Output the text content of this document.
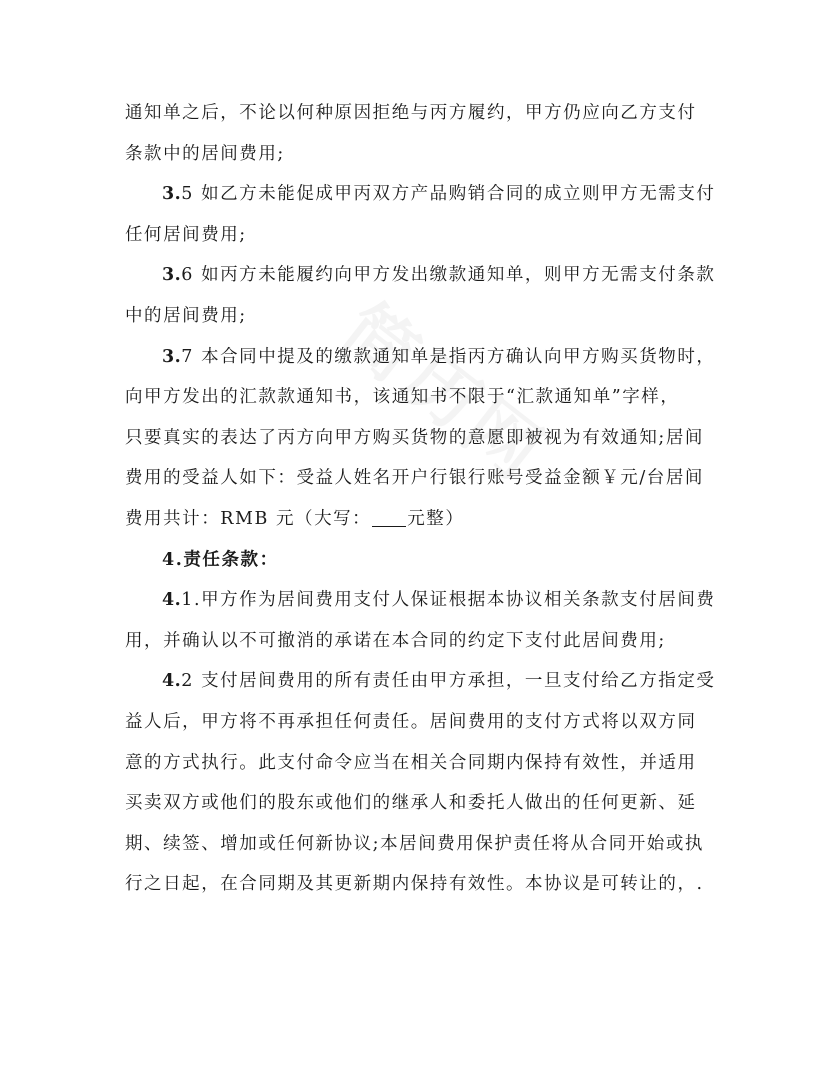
通知单之后，不论以何种原因拒绝与丙方履约，甲方仍应向乙方支付
条款中的居间费用;
3.5 如乙方未能促成甲丙双方产品购销合同的成立则甲方无需支付
任何居间费用;
3.6 如丙方未能履约向甲方发出缴款通知单，则甲方无需支付条款
中的居间费用;
3.7 本合同中提及的缴款通知单是指丙方确认向甲方购买货物时，
向甲方发出的汇款款通知书，该通知书不限于“汇款通知单”字样，
只要真实的表达了丙方向甲方购买货物的意愿即被视为有效通知;居间
费用的受益人如下：受益人姓名开户行银行账号受益金额￥元/台居间
费用共计：RMB 元（大写： 元整）
4.责任条款：
4.1.甲方作为居间费用支付人保证根据本协议相关条款支付居间费
用，并确认以不可撤消的承诺在本合同的约定下支付此居间费用;
4.2 支付居间费用的所有责任由甲方承担，一旦支付给乙方指定受
益人后，甲方将不再承担任何责任。居间费用的支付方式将以双方同
意的方式执行。此支付命令应当在相关合同期内保持有效性，并适用
买卖双方或他们的股东或他们的继承人和委托人做出的任何更新、延
期、续签、增加或任何新协议;本居间费用保护责任将从合同开始或执
行之日起，在合同期及其更新期内保持有效性。本协议是可转让的，.
